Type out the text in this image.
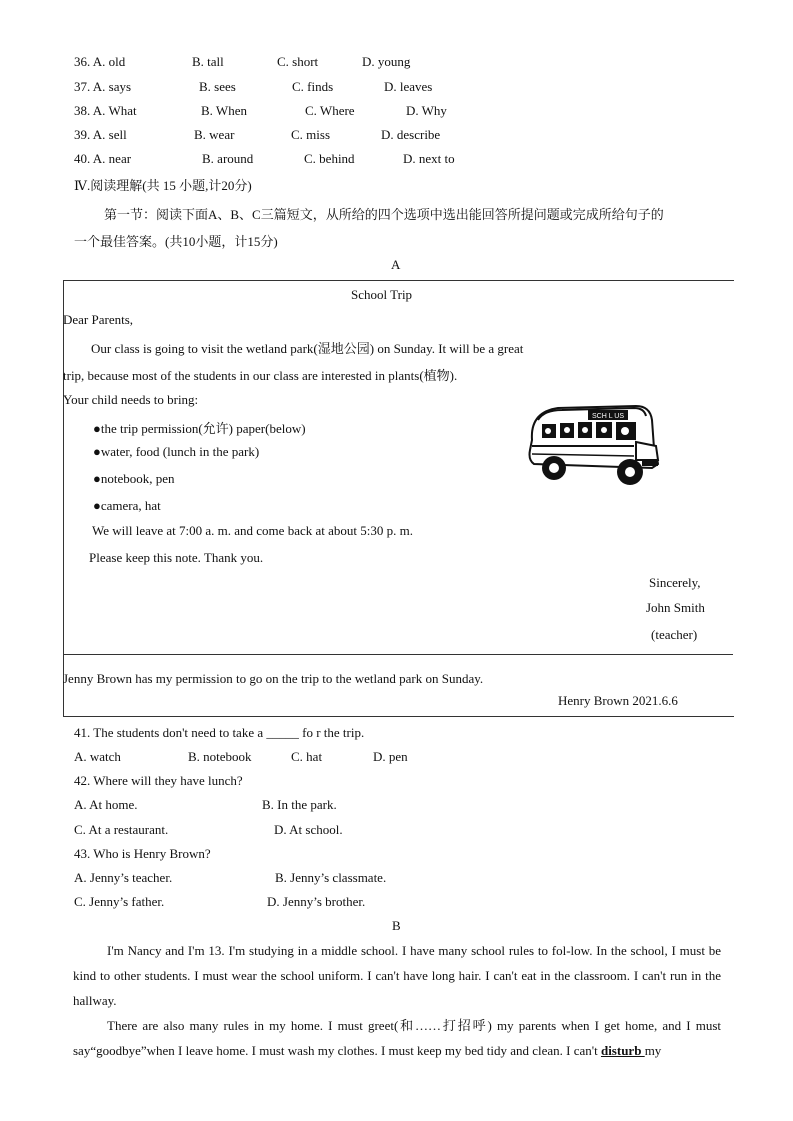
36. A. old	B. tall	C. short	D. young
37. A. says	B. sees	C. finds	D. leaves
38. A. What	B. When	C. Where	D. Why
39. A. sell	B. wear	C. miss	D. describe
40. A. near	B. around	C. behind	D. next to
Ⅳ.阅读理解(共 15 小题,计20分)
第一节：阅读下面A、B、C三篇短文，从所给的四个选项中选出能回答所提问题或完成所给句子的
一个最佳答案。(共10小题，计15分)
A
School Trip
Dear Parents,
Our class is going to visit the wetland park(湿地公园) on Sunday. It will be a great
trip, because most of the students in our class are interested in plants(植物).
Your child needs to bring:
●the trip permission(允许) paper(below)
●water, food (lunch in the park)
●notebook, pen
●camera, hat
We will leave at 7:00 a. m. and come back at about 5:30 p. m.
Please keep this note. Thank you.
Sincerely,
John Smith
(teacher)
SCH L US
Jenny Brown has my permission to go on the trip to the wetland park on Sunday.
Henry Brown 2021.6.6
41. The students don't need to take a _____ fo r the trip.
A. watch	B. notebook	C. hat	D. pen
42. Where will they have lunch?
A. At home.	B. In the park.
C. At a restaurant.	D. At school.
43. Who is Henry Brown?
A. Jenny’s teacher.	B. Jenny’s classmate.
C. Jenny’s father.	D. Jenny’s brother.
B

I'm Nancy and I'm 13. I'm studying in a middle school. I have many school rules to fol-low. In the school, I must be kind to other students. I must wear the school uniform. I can't have long hair. I can't eat in the classroom. I can't run in the hallway.

There are also many rules in my home. I must greet(和……打招呼) my parents when I get home, and I must say“goodbye”when I leave home. I must wash my clothes. I must keep my bed tidy and clean. I can't disturb my
